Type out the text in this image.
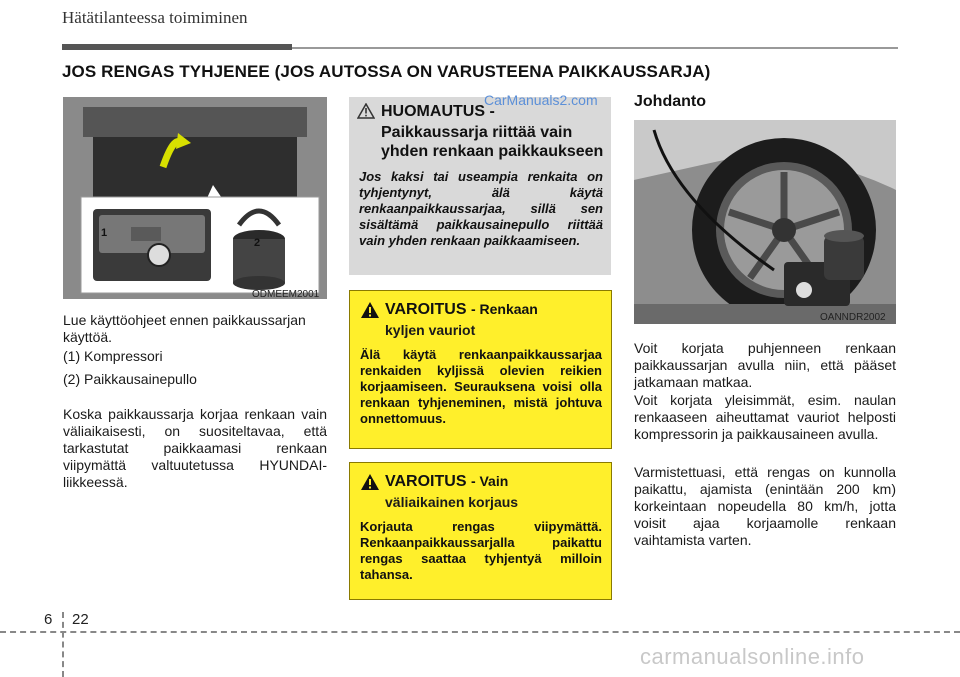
Hätätilanteessa toimiminen
JOS RENGAS TYHJENEE (JOS AUTOSSA ON VARUSTEENA PAIKKAUSSARJA)
1
2
ODMEEM2001
Lue käyttöohjeet ennen paikkaussarjan käyttöä.
(1) Kompressori
(2) Paikkausainepullo
Koska paikkaussarja korjaa renkaan vain väliaikaisesti, on suositeltavaa, että tarkastutat paikkaamasi renkaan viipymättä valtuutetussa HYUNDAI-liikkeessä.
HUOMAUTUS -
Paikkaussarja riittää vain yhden renkaan paikkaukseen
Jos kaksi tai useampia renkaita on tyhjentynyt, älä käytä renkaanpaikkaussarjaa, sillä sen sisältämä paikkausainepullo riittää vain yhden renkaan paikkaamiseen.
CarManuals2.com
VAROITUS - Renkaan
kyljen vauriot
Älä käytä renkaanpaikkaussarjaa renkaiden kyljissä olevien reikien korjaamiseen. Seurauksena voisi olla renkaan tyhjeneminen, mistä johtuva onnettomuus.
VAROITUS - Vain
väliaikainen korjaus
Korjauta rengas viipymättä. Renkaanpaikkaussarjalla paikattu rengas saattaa tyhjentyä milloin tahansa.
Johdanto
OANNDR2002
Voit korjata puhjenneen renkaan paikkaussarjan avulla niin, että pääset jatkamaan matkaa.
Voit korjata yleisimmät, esim. naulan renkaaseen aiheuttamat vauriot helposti kompressorin ja paikkausaineen avulla.
Varmistettuasi, että rengas on kunnolla paikattu, ajamista (enintään 200 km) korkeintaan nopeudella 80 km/h, jotta voisit ajaa korjaamolle renkaan vaihtamista varten.
6 22
carmanualsonline.info
